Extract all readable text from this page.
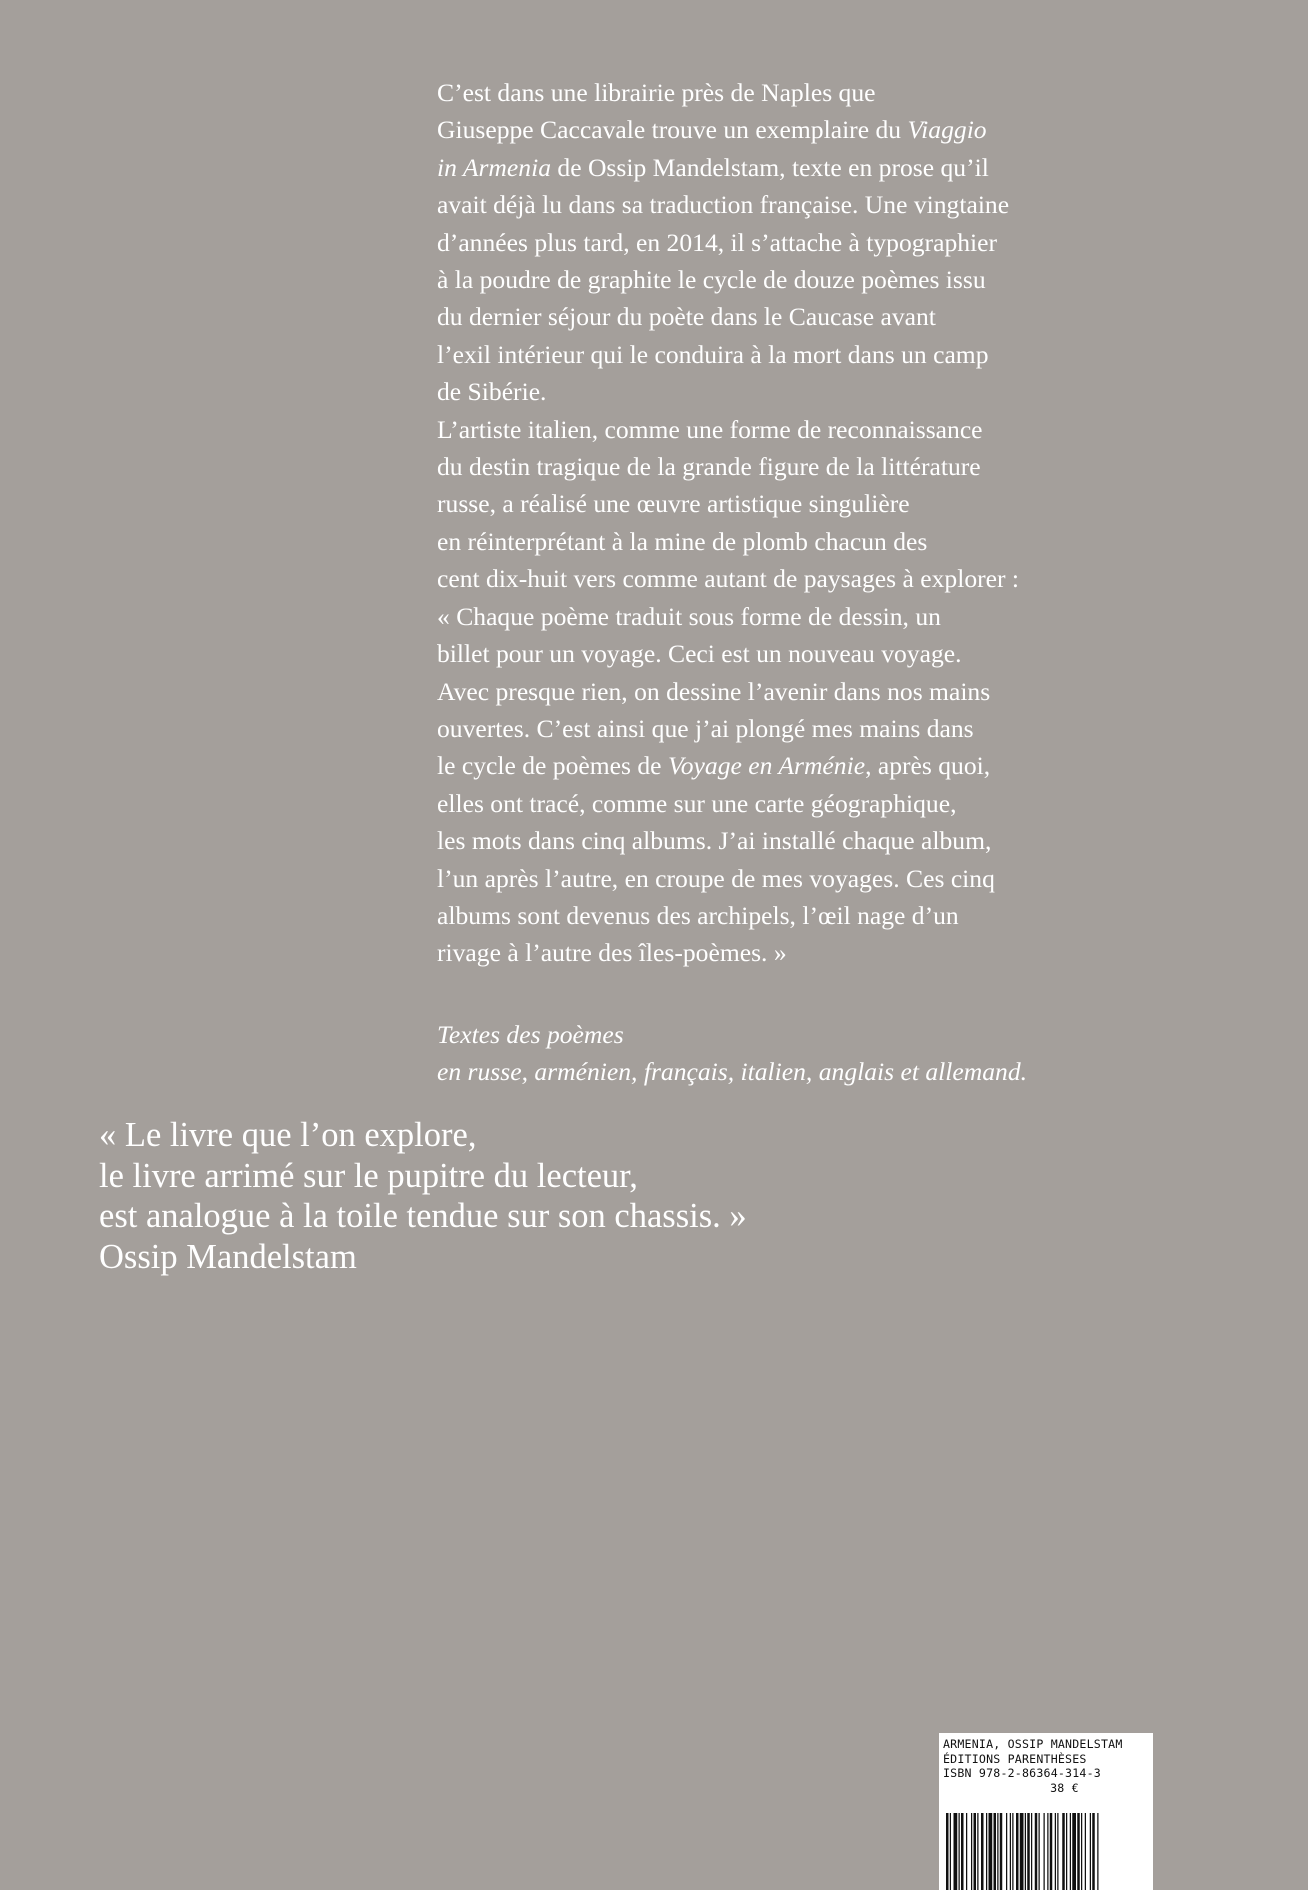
C’est dans une librairie près de Naples que
Giuseppe Caccavale trouve un exemplaire du Viaggio
in Armenia de Ossip Mandelstam, texte en prose qu’il
avait déjà lu dans sa traduction française. Une vingtaine
d’années plus tard, en 2014, il s’attache à typographier
à la poudre de graphite le cycle de douze poèmes issu
du dernier séjour du poète dans le Caucase avant
l’exil intérieur qui le conduira à la mort dans un camp
de Sibérie.
L’artiste italien, comme une forme de reconnaissance
du destin tragique de la grande figure de la littérature
russe, a réalisé une œuvre artistique singulière
en réinterprétant à la mine de plomb chacun des
cent dix-huit vers comme autant de paysages à explorer :
« Chaque poème traduit sous forme de dessin, un
billet pour un voyage. Ceci est un nouveau voyage.
Avec presque rien, on dessine l’avenir dans nos mains
ouvertes. C’est ainsi que j’ai plongé mes mains dans
le cycle de poèmes de Voyage en Arménie, après quoi,
elles ont tracé, comme sur une carte géographique,
les mots dans cinq albums. J’ai installé chaque album,
l’un après l’autre, en croupe de mes voyages. Ces cinq
albums sont devenus des archipels, l’œil nage d’un
rivage à l’autre des îles-poèmes. »
Textes des poèmes
en russe, arménien, français, italien, anglais et allemand.
« Le livre que l’on explore,
le livre arrimé sur le pupitre du lecteur,
est analogue à la toile tendue sur son chassis. »
Ossip Mandelstam
ARMENIA, OSSIP MANDELSTAM
ÉDITIONS PARENTHÈSES
ISBN 978-2-86364-314-3
38 €
